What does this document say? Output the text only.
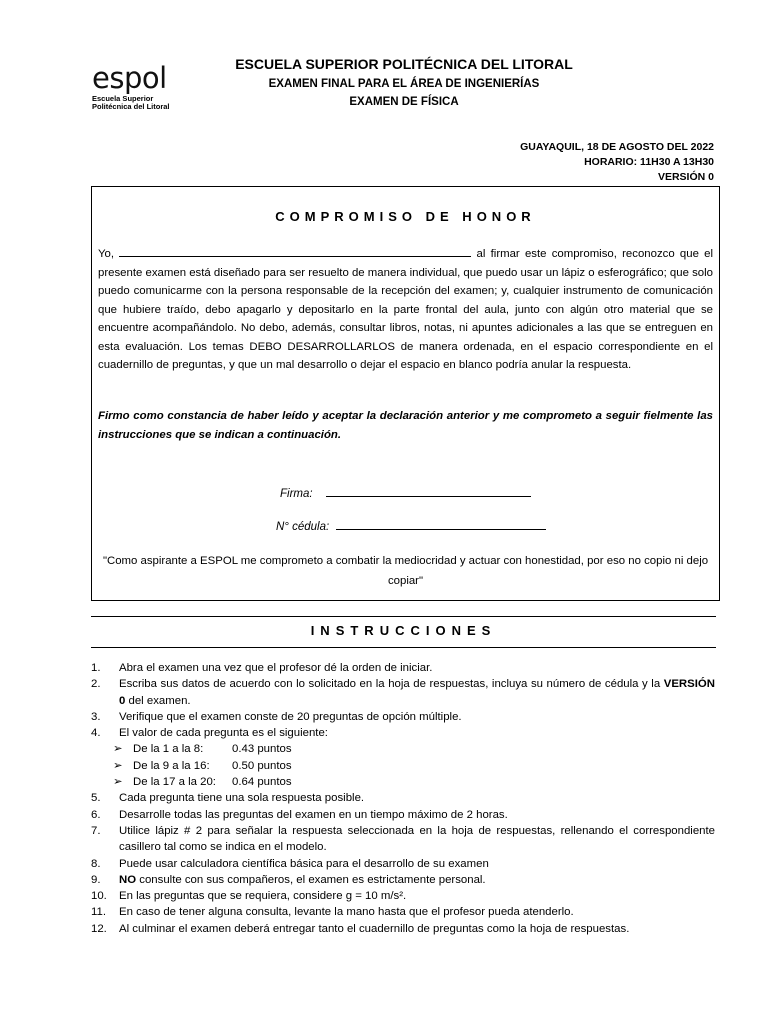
espol
Escuela Superior
Politécnica del Litoral
ESCUELA SUPERIOR POLITÉCNICA DEL LITORAL
EXAMEN FINAL PARA EL ÁREA DE INGENIERÍAS
EXAMEN DE FÍSICA
GUAYAQUIL, 18 DE AGOSTO DEL 2022
HORARIO: 11H30 A 13H30
VERSIÓN 0
COMPROMISO DE HONOR
Yo,	al firmar este compromiso, reconozco que el presente examen está diseñado para ser resuelto de manera individual, que puedo usar un lápiz o esferográfico; que solo puedo comunicarme con la persona responsable de la recepción del examen; y, cualquier instrumento de comunicación que hubiere traído, debo apagarlo y depositarlo en la parte frontal del aula, junto con algún otro material que se encuentre acompañándolo. No debo, además, consultar libros, notas, ni apuntes adicionales a las que se entreguen en esta evaluación. Los temas DEBO DESARROLLARLOS de manera ordenada, en el espacio correspondiente en el cuadernillo de preguntas, y que un mal desarrollo o dejar el espacio en blanco podría anular la respuesta.
Firmo como constancia de haber leído y aceptar la declaración anterior y me comprometo a seguir fielmente las instrucciones que se indican a continuación.
Firma:
N° cédula:
"Como aspirante a ESPOL me comprometo a combatir la mediocridad y actuar con honestidad, por eso no copio ni dejo copiar"
INSTRUCCIONES
1.	Abra el examen una vez que el profesor dé la orden de iniciar.
2.	Escriba sus datos de acuerdo con lo solicitado en la hoja de respuestas, incluya su número de cédula y la VERSIÓN 0 del examen.
3.	Verifique que el examen conste de 20 preguntas de opción múltiple.
4.	El valor de cada pregunta es el siguiente:
➢ De la 1 a la 8:	0.43 puntos
➢ De la 9 a la 16:	0.50 puntos
➢ De la 17 a la 20:	0.64 puntos
5.	Cada pregunta tiene una sola respuesta posible.
6.	Desarrolle todas las preguntas del examen en un tiempo máximo de 2 horas.
7.	Utilice lápiz # 2 para señalar la respuesta seleccionada en la hoja de respuestas, rellenando el correspondiente casillero tal como se indica en el modelo.
8.	Puede usar calculadora científica básica para el desarrollo de su examen
9.	NO consulte con sus compañeros, el examen es estrictamente personal.
10.	En las preguntas que se requiera, considere g = 10 m/s².
11.	En caso de tener alguna consulta, levante la mano hasta que el profesor pueda atenderlo.
12.	Al culminar el examen deberá entregar tanto el cuadernillo de preguntas como la hoja de respuestas.
